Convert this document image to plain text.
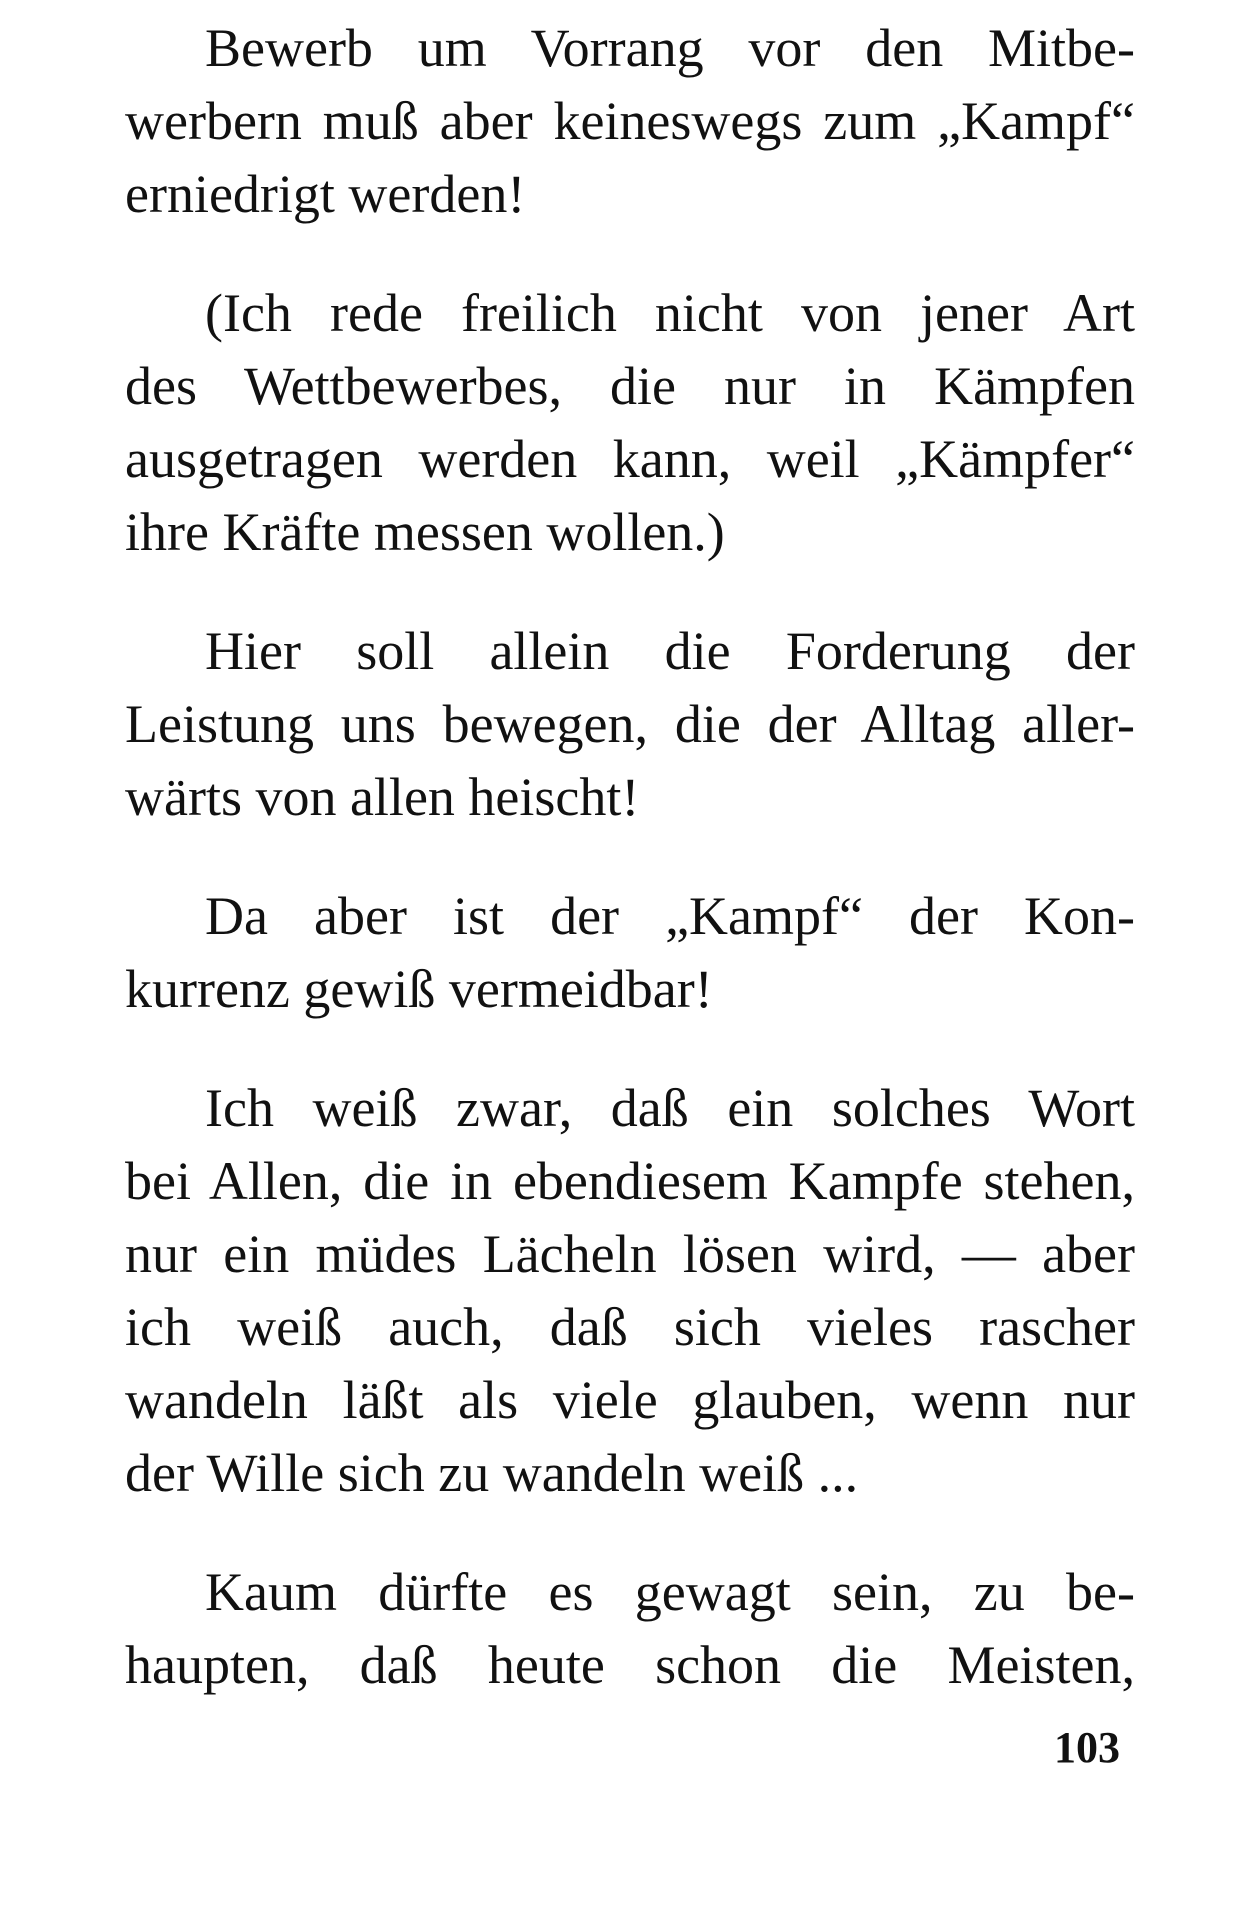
Bewerb um Vorrang vor den Mitbe-
werbern muß aber keineswegs zum „Kampf“
erniedrigt werden!

(Ich rede freilich nicht von jener Art
des Wettbewerbes, die nur in Kämpfen
ausgetragen werden kann, weil „Kämpfer“
ihre Kräfte messen wollen.)

Hier soll allein die Forderung der
Leistung uns bewegen, die der Alltag aller-
wärts von allen heischt!

Da aber ist der „Kampf“ der Kon-
kurrenz gewiß vermeidbar!

Ich weiß zwar, daß ein solches Wort
bei Allen, die in ebendiesem Kampfe stehen,
nur ein müdes Lächeln lösen wird, — aber
ich weiß auch, daß sich vieles rascher
wandeln läßt als viele glauben, wenn nur
der Wille sich zu wandeln weiß ...

Kaum dürfte es gewagt sein, zu be-
haupten, daß heute schon die Meisten,

103
